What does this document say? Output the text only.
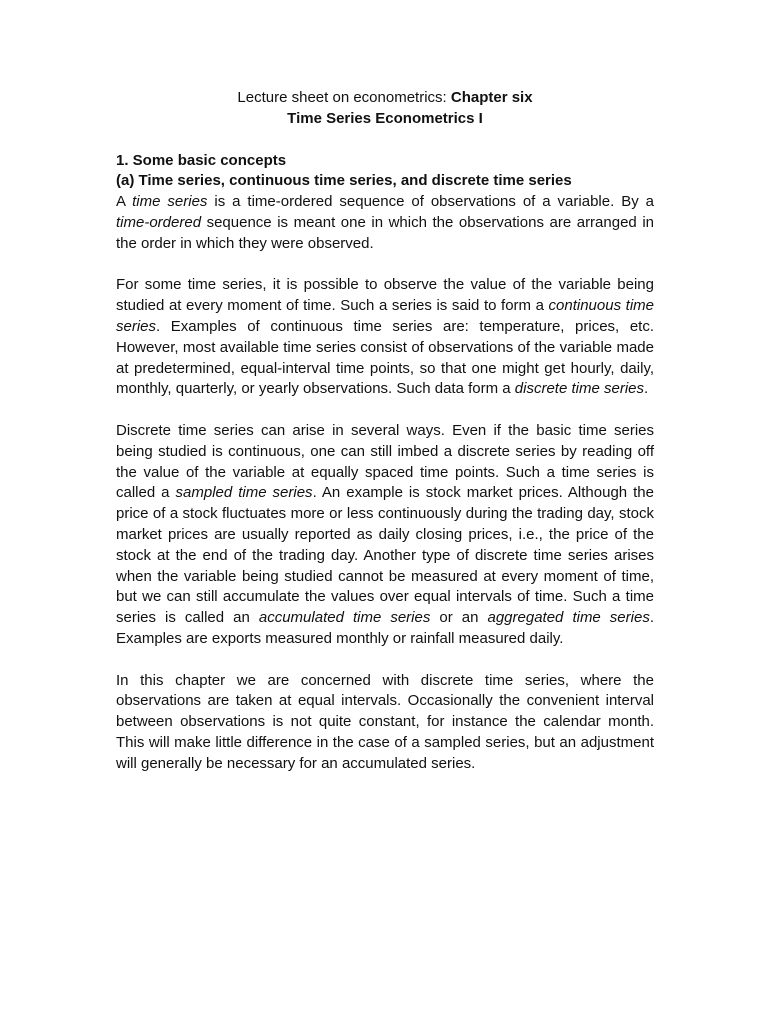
Lecture sheet on econometrics: Chapter six

Time Series Econometrics I

1. Some basic concepts
(a) Time series, continuous time series, and discrete time series

A time series is a time-ordered sequence of observations of a variable. By a time-ordered sequence is meant one in which the observations are arranged in the order in which they were observed.

For some time series, it is possible to observe the value of the variable being studied at every moment of time. Such a series is said to form a continuous time series. Examples of continuous time series are: temperature, prices, etc. However, most available time series consist of observations of the variable made at predetermined, equal-interval time points, so that one might get hourly, daily, monthly, quarterly, or yearly observations. Such data form a discrete time series.

Discrete time series can arise in several ways. Even if the basic time series being studied is continuous, one can still imbed a discrete series by reading off the value of the variable at equally spaced time points. Such a time series is called a sampled time series. An example is stock market prices. Although the price of a stock fluctuates more or less continuously during the trading day, stock market prices are usually reported as daily closing prices, i.e., the price of the stock at the end of the trading day. Another type of discrete time series arises when the variable being studied cannot be measured at every moment of time, but we can still accumulate the values over equal intervals of time. Such a time series is called an accumulated time series or an aggregated time series. Examples are exports measured monthly or rainfall measured daily.

In this chapter we are concerned with discrete time series, where the observations are taken at equal intervals. Occasionally the convenient interval between observations is not quite constant, for instance the calendar month. This will make little difference in the case of a sampled series, but an adjustment will generally be necessary for an accumulated series.
